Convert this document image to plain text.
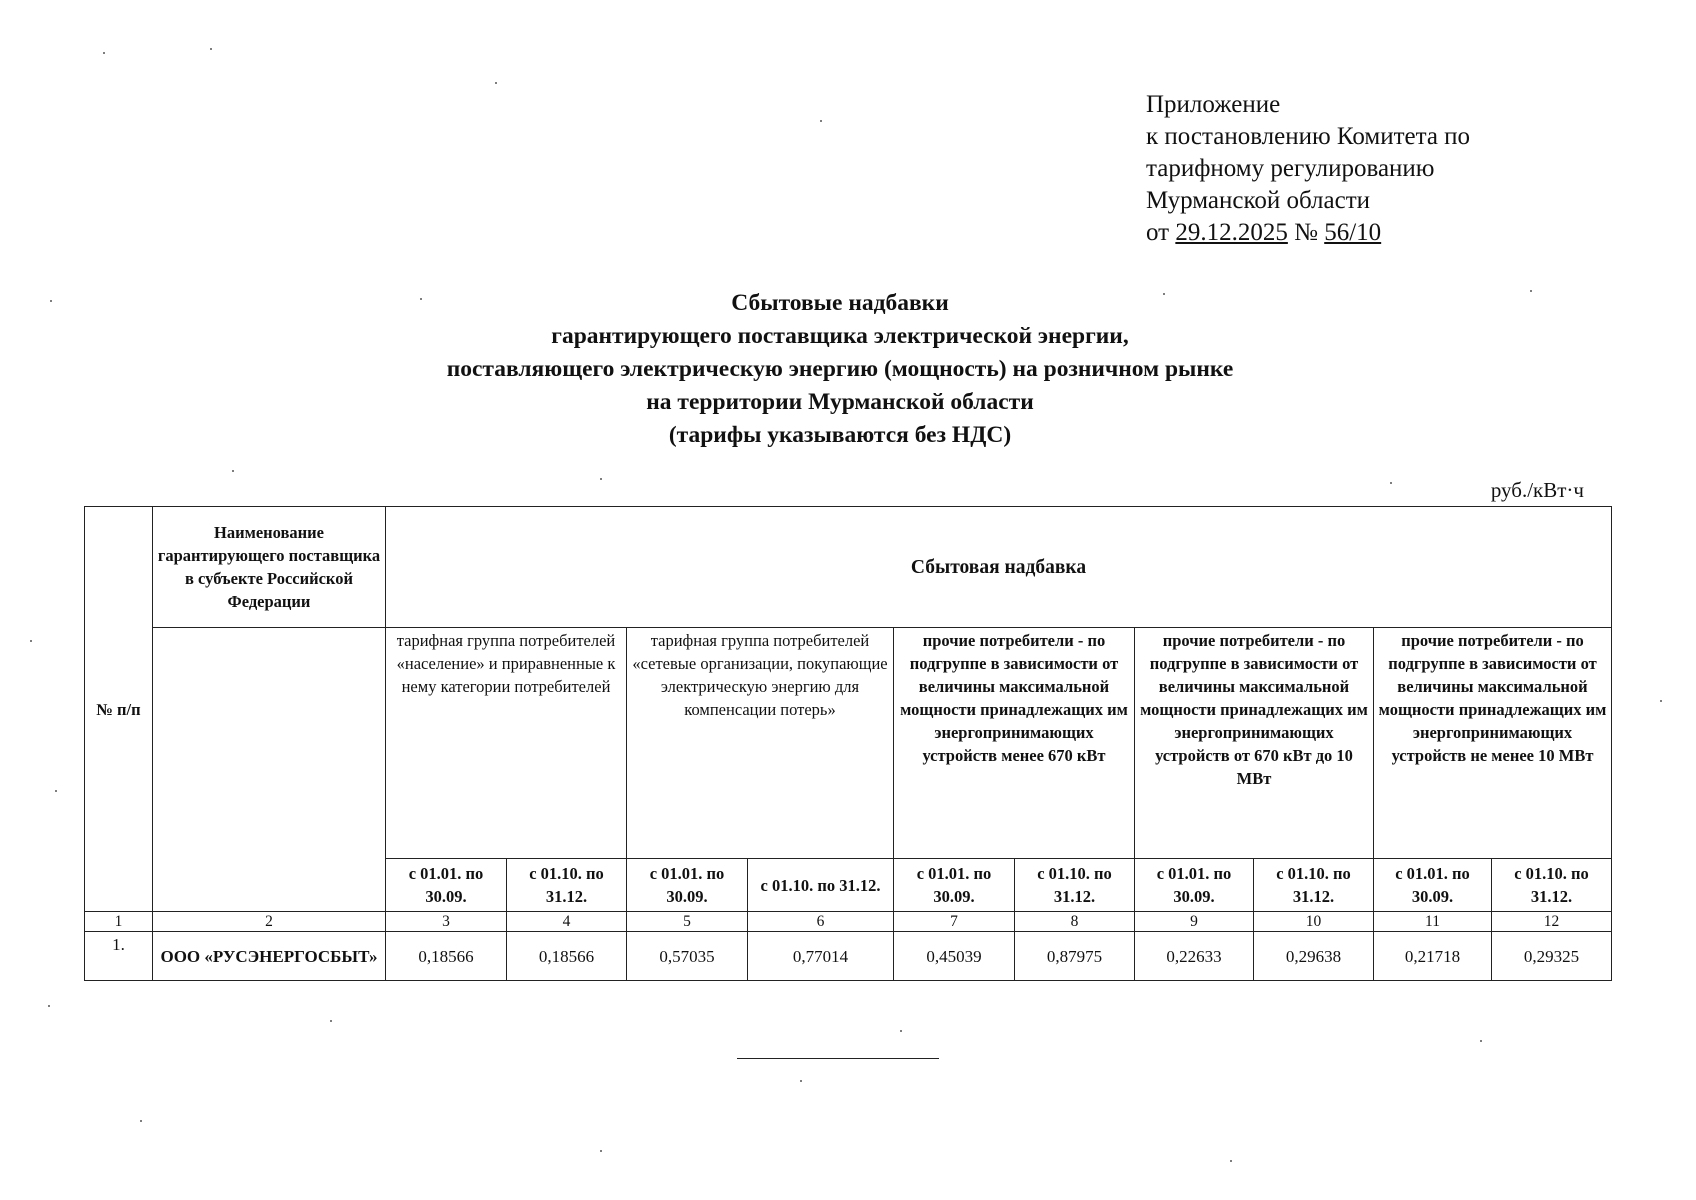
Приложение
к постановлению Комитета по
тарифному регулированию
Мурманской области
от 29.12.2025 № 56/10
Сбытовые надбавки
гарантирующего поставщика электрической энергии,
поставляющего электрическую энергию (мощность) на розничном рынке
на территории Мурманской области
(тарифы указываются без НДС)
руб./кВт·ч
№ п/п	Наименование гарантирующего поставщика в субъекте Российской Федерации	Сбытовая надбавка									
		тарифная группа потребителей «население» и приравненные к нему категории потребителей		тарифная группа потребителей «сетевые организации, покупающие электрическую энергию для компенсации потерь»		прочие потребители - по подгруппе в зависимости от величины максимальной мощности принадлежащих им энергопринимающих устройств менее 670 кВт		прочие потребители - по подгруппе в зависимости от величины максимальной мощности принадлежащих им энергопринимающих устройств от 670 кВт до 10 МВт		прочие потребители - по подгруппе в зависимости от величины максимальной мощности принадлежащих им энергопринимающих устройств не менее 10 МВт	
		с 01.01. по 30.09.	с 01.10. по 31.12.	с 01.01. по 30.09.	с 01.10. по 31.12.	с 01.01. по 30.09.	с 01.10. по 31.12.	с 01.01. по 30.09.	с 01.10. по 31.12.	с 01.01. по 30.09.	с 01.10. по 31.12.
1	2	3	4	5	6	7	8	9	10	11	12
1.	ООО «РУСЭНЕРГОСБЫТ»	0,18566	0,18566	0,57035	0,77014	0,45039	0,87975	0,22633	0,29638	0,21718	0,29325
